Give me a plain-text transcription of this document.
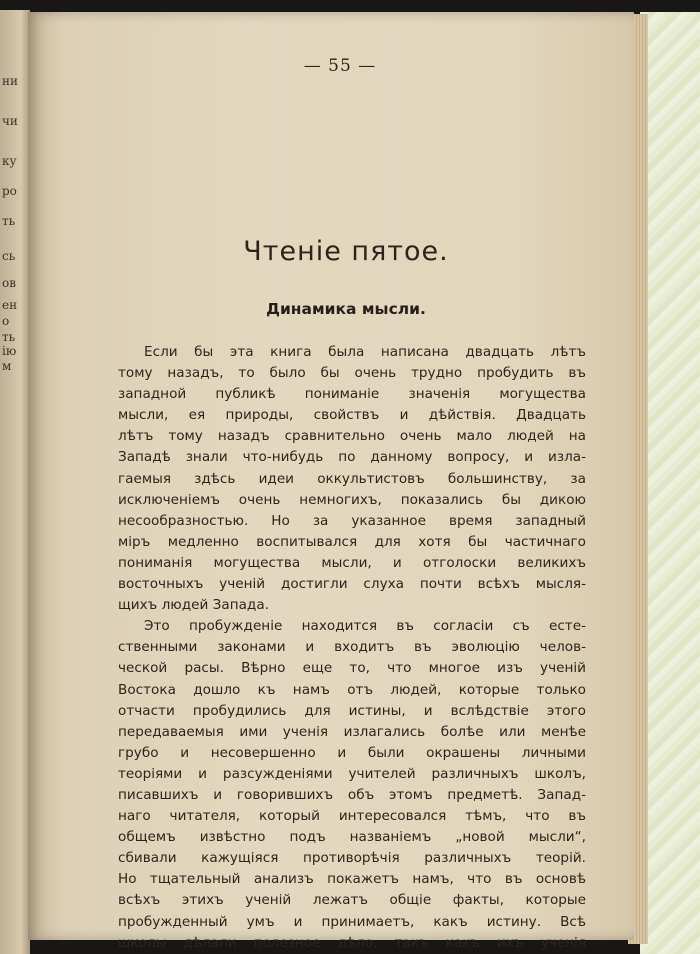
ни
чи
ку
ро
ть
сь
ов
ен
о
ть
ію
м
— 55 —
Чтенiе пятое.
Динамика мысли.
Если бы эта книга была написана двадцать лѣтъ
тому назадъ, то было бы очень трудно пробудить въ
западной публикѣ пониманіе значенія могущества
мысли, ея природы, свойствъ и дѣйствія. Двадцать
лѣтъ тому назадъ сравнительно очень мало людей на
Западѣ знали что-нибудь по данному вопросу, и излa-
гаемыя здѣсь идеи оккультистовъ большинству, за
исключеніемъ очень немногихъ, показались бы дикою
несообразностью. Но за указанное время западный
міръ медленно воспитывался для хотя бы частичнаго
пониманія могущества мысли, и отголоски великихъ
восточныхъ ученій достигли слуха почти всѣхъ мысля-
щихъ людей Запада.
Это пробужденіе находится въ согласіи съ есте-
ственными законами и входитъ въ эволюцію челов-
ческой расы. Вѣрно еще то, что многое изъ ученій
Востока дошло къ намъ отъ людей, которые только
отчасти пробудились для истины, и вслѣдствіе этого
передаваемыя ими ученія излагались болѣе или менѣе
грубо и несовершенно и были окрашены личными
теоріями и разсужденіями учителей различныхъ школъ,
писавшихъ и говорившихъ объ этомъ предметѣ. Запад-
наго читателя, который интересовался тѣмъ, что въ
общемъ извѣстно подъ названіемъ „новой мысли“,
сбивали кажущіяся противорѣчія различныхъ теорій.
Но тщательный анализъ покажетъ намъ, что въ основѣ
всѣхъ этихъ ученій лежатъ общіе факты, которые
пробужденный умъ и принимаетъ, какъ истину. Всѣ
школы дѣлали полезное дѣло, такъ какъ ихъ ученія
